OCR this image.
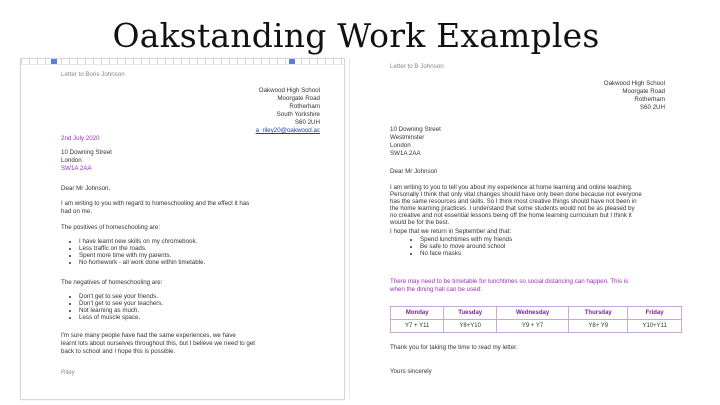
Oakstanding Work Examples
Letter to Boris Johnson
Oakwood High School
Moorgate Road
Rotherham
South Yorkshire
S60 2UH
a_riley20@oakwood.ac
2nd July 2020
10 Downing Street
London
SW1A 2AA
Dear Mr Johnson,
I am writing to you with regard to homeschooling and the effect it has
had on me.
The positives of homeschooling are:
• I have learnt new skills on my chromebook.
• Less traffic on the roads.
• Spent more time with my parents.
• No homework - all work done within timetable.
The negatives of homeschooling are:
• Don't get to see your friends.
• Don't get to see your teachers.
• Not learning as much.
• Less of muscle space.
I'm sure many people have had the same experiences, we have
learnt lots about ourselves throughout this, but I believe we need to get
back to school and I hope this is possible.
Riley
Letter to B Johnson
Oakwood High School
Moorgate Road
Rotherham
S60 2UH
10 Downing Street
Westminster
London
SW1A 2AA
Dear Mr Johnson
I am writing to you to tell you about my experience at home learning and online teaching.
Personally I think that only vital changes should have only been done because not everyone
has the same resources and skills. So I think most creative things should have not been in
the home learning practices. I understand that some students would not be as pleased by
no creative and not essential lessons being off the home learning curriculum but I think it
would be for the best.
I hope that we return in September and that:
• Spend lunchtimes with my friends
• Be safe to move around school
• No face masks
There may need to be timetable for lunchtimes so social distancing can happen. This is
when the dining hall can be used:
Monday	Tuesday	Wednesday	Thursday	Friday
Y7 + Y11	Y8+Y10	Y9 + Y7	Y8+ Y9	Y10+Y11
Thank you for taking the time to read my letter.
Yours sincerely
